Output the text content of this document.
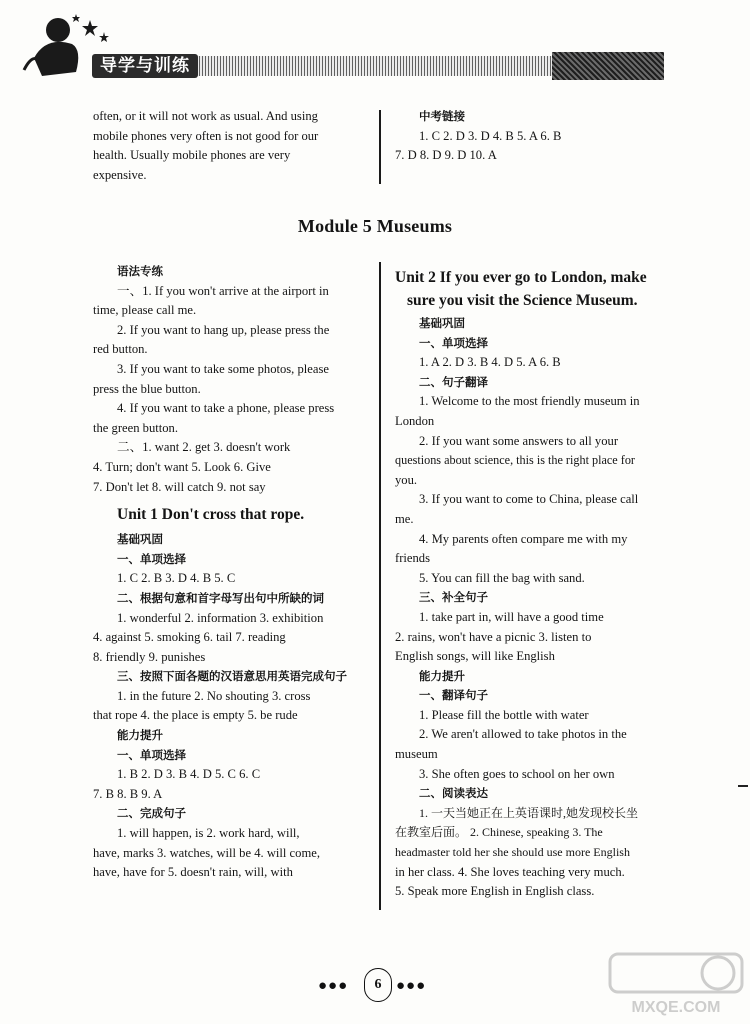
导学与训练

often, or it will not work as usual. And using

mobile phones very often is not good for our

health. Usually mobile phones are very

expensive.

中考链接

1. C 2. D 3. D 4. B 5. A 6. B

7. D 8. D 9. D 10. A

Module 5 Museums

语法专练

一、1. If you won't arrive at the airport in

time, please call me.

2. If you want to hang up, please press the

red button.

3. If you want to take some photos, please

press the blue button.

4. If you want to take a phone, please press

the green button.

二、1. want 2. get 3. doesn't work

4. Turn; don't want 5. Look 6. Give

7. Don't let 8. will catch 9. not say

Unit 1 Don't cross that rope.

基础巩固

一、单项选择

1. C 2. B 3. D 4. B 5. C

二、根据句意和首字母写出句中所缺的词

1. wonderful 2. information 3. exhibition

4. against 5. smoking 6. tail 7. reading

8. friendly 9. punishes

三、按照下面各题的汉语意思用英语完成句子

1. in the future 2. No shouting 3. cross

that rope 4. the place is empty 5. be rude

能力提升

一、单项选择

1. B 2. D 3. B 4. D 5. C 6. C

7. B 8. B 9. A

二、完成句子

1. will happen, is 2. work hard, will,

have, marks 3. watches, will be 4. will come,

have, have for 5. doesn't rain, will, with

Unit 2 If you ever go to London, make

sure you visit the Science Museum.

基础巩固

一、单项选择

1. A 2. D 3. B 4. D 5. A 6. B

二、句子翻译

1. Welcome to the most friendly museum in

London

2. If you want some answers to all your

questions about science, this is the right place for

you.

3. If you want to come to China, please call

me.

4. My parents often compare me with my

friends

5. You can fill the bag with sand.

三、补全句子

1. take part in, will have a good time

2. rains, won't have a picnic 3. listen to

English songs, will like English

能力提升

一、翻译句子

1. Please fill the bottle with water

2. We aren't allowed to take photos in the

museum

3. She often goes to school on her own

二、阅读表达

1. 一天当她正在上英语课时,她发现校长坐

在教室后面。 2. Chinese, speaking 3. The

headmaster told her she should use more English

in her class. 4. She loves teaching very much.

5. Speak more English in English class.

●●●	●●●
6
MXQE.COM
